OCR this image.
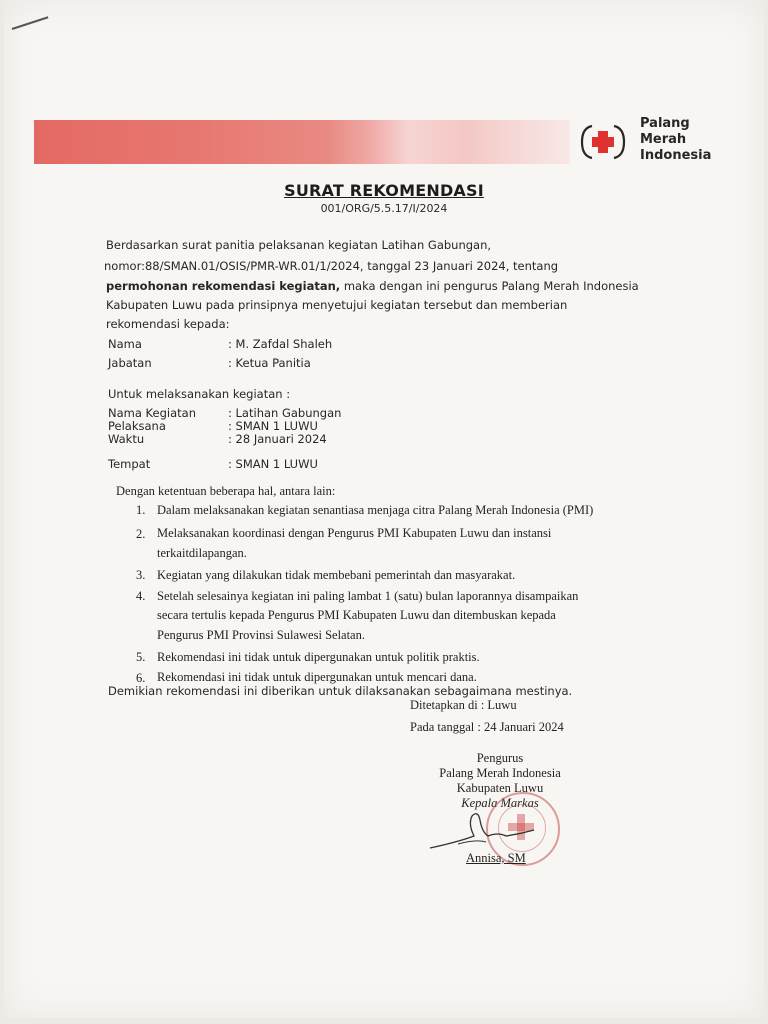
Palang
Merah
Indonesia
SURAT REKOMENDASI
001/ORG/5.5.17/I/2024
Berdasarkan surat panitia pelaksanan kegiatan Latihan Gabungan,
nomor:88/SMAN.01/OSIS/PMR-WR.01/1/2024, tanggal 23 Januari 2024, tentang
permohonan rekomendasi kegiatan, maka dengan ini pengurus Palang Merah Indonesia
Kabupaten Luwu pada prinsipnya menyetujui kegiatan tersebut dan memberian
rekomendasi kepada:
Nama	: M. Zafdal Shaleh
Jabatan	: Ketua Panitia
Untuk melaksanakan kegiatan :
Nama Kegiatan	: Latihan Gabungan
Pelaksana	: SMAN 1 LUWU
Waktu	: 28 Januari 2024
Tempat	: SMAN 1 LUWU
Dengan ketentuan beberapa hal, antara lain:
1. Dalam melaksanakan kegiatan senantiasa menjaga citra Palang Merah Indonesia (PMI)
2. Melaksanakan koordinasi dengan Pengurus PMI Kabupaten Luwu dan instansi
terkaitdilapangan.
3. Kegiatan yang dilakukan tidak membebani pemerintah dan masyarakat.
4. Setelah selesainya kegiatan ini paling lambat 1 (satu) bulan laporannya disampaikan
secara tertulis kepada Pengurus PMI Kabupaten Luwu dan ditembuskan kepada
Pengurus PMI Provinsi Sulawesi Selatan.
5. Rekomendasi ini tidak untuk dipergunakan untuk politik praktis.
6. Rekomendasi ini tidak untuk dipergunakan untuk mencari dana.
Demikian rekomendasi ini diberikan untuk dilaksanakan sebagaimana mestinya.
Ditetapkan di : Luwu
Pada tanggal : 24 Januari 2024
Pengurus
Palang Merah Indonesia
Kabupaten Luwu
Kepala Markas
Annisa, SM
